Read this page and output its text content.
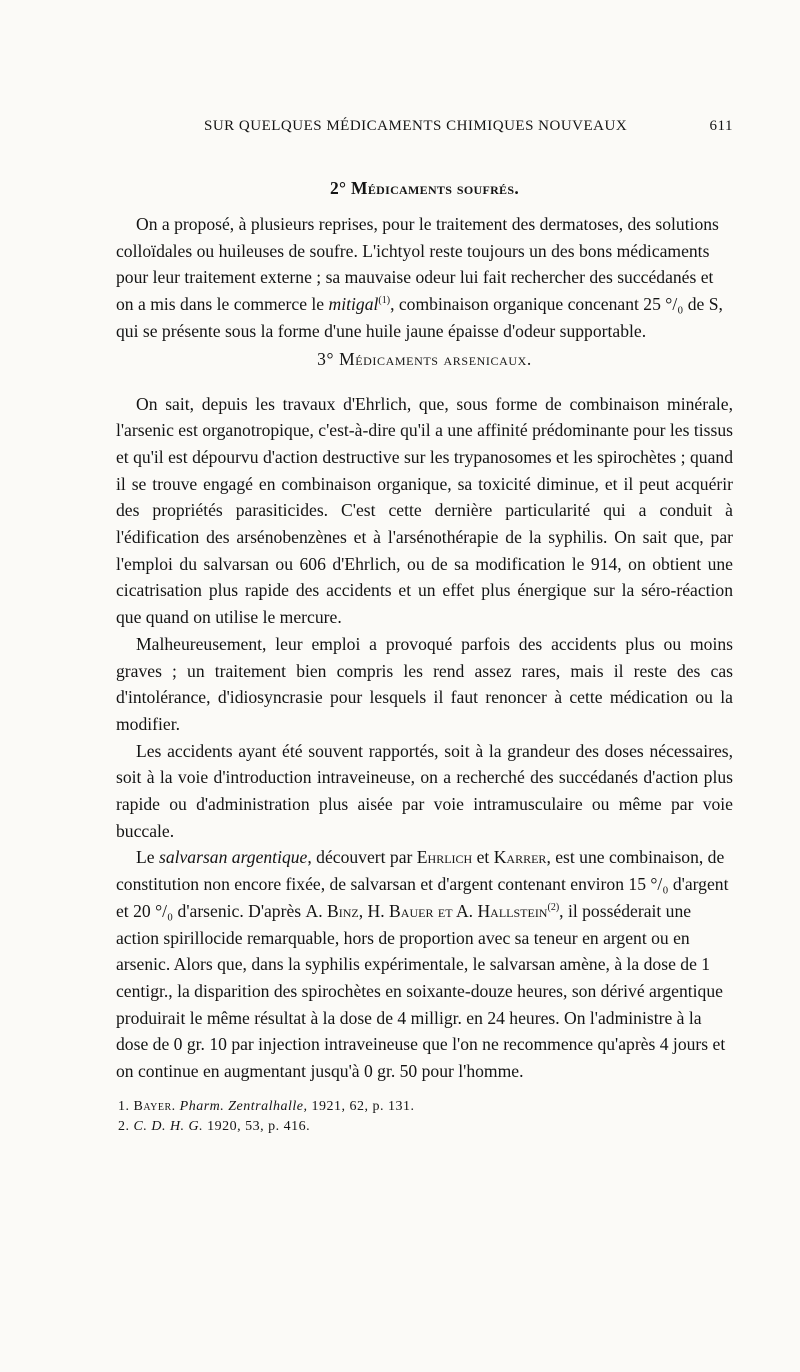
SUR QUELQUES MÉDICAMENTS CHIMIQUES NOUVEAUX	611
2° Médicaments soufrés.

On a proposé, à plusieurs reprises, pour le traitement des dermatoses, des solutions colloïdales ou huileuses de soufre. L'ichtyol reste toujours un des bons médicaments pour leur traitement externe ; sa mauvaise odeur lui fait rechercher des succédanés et on a mis dans le commerce le mitigal$^{(1)}$, combinaison organique concenant 25 °/₀ de S, qui se présente sous la forme d'une huile jaune épaisse d'odeur supportable.

3° Médicaments arsenicaux.

On sait, depuis les travaux d'Ehrlich, que, sous forme de combinaison minérale, l'arsenic est organotropique, c'est-à-dire qu'il a une affinité prédominante pour les tissus et qu'il est dépourvu d'action destructive sur les trypanosomes et les spirochètes ; quand il se trouve engagé en combinaison organique, sa toxicité diminue, et il peut acquérir des propriétés parasiticides. C'est cette dernière particularité qui a conduit à l'édification des arsénobenzènes et à l'arsénothérapie de la syphilis. On sait que, par l'emploi du salvarsan ou 606 d'Ehrlich, ou de sa modification le 914, on obtient une cicatrisation plus rapide des accidents et un effet plus énergique sur la séro-réaction que quand on utilise le mercure.

Malheureusement, leur emploi a provoqué parfois des accidents plus ou moins graves ; un traitement bien compris les rend assez rares, mais il reste des cas d'intolérance, d'idiosyncrasie pour lesquels il faut renoncer à cette médication ou la modifier.

Les accidents ayant été souvent rapportés, soit à la grandeur des doses nécessaires, soit à la voie d'introduction intraveineuse, on a recherché des succédanés d'action plus rapide ou d'administration plus aisée par voie intramusculaire ou même par voie buccale.

Le salvarsan argentique, découvert par Ehrlich et Karrer, est une combinaison, de constitution non encore fixée, de salvarsan et d'argent contenant environ 15 °/₀ d'argent et 20 °/₀ d'arsenic. D'après A. Binz, H. Bauer et A. Hallstein$^{(2)}$, il posséderait une action spirillocide remarquable, hors de proportion avec sa teneur en argent ou en arsenic. Alors que, dans la syphilis expérimentale, le salvarsan amène, à la dose de 1 centigr., la disparition des spirochètes en soixante-douze heures, son dérivé argentique produirait le même résultat à la dose de 4 milligr. en 24 heures. On l'administre à la dose de 0 gr. 10 par injection intraveineuse que l'on ne recommence qu'après 4 jours et on continue en augmentant jusqu'à 0 gr. 50 pour l'homme.

1. Bayer. Pharm. Zentralhalle, 1921, 62, p. 131.
2. C. D. H. G. 1920, 53, p. 416.
